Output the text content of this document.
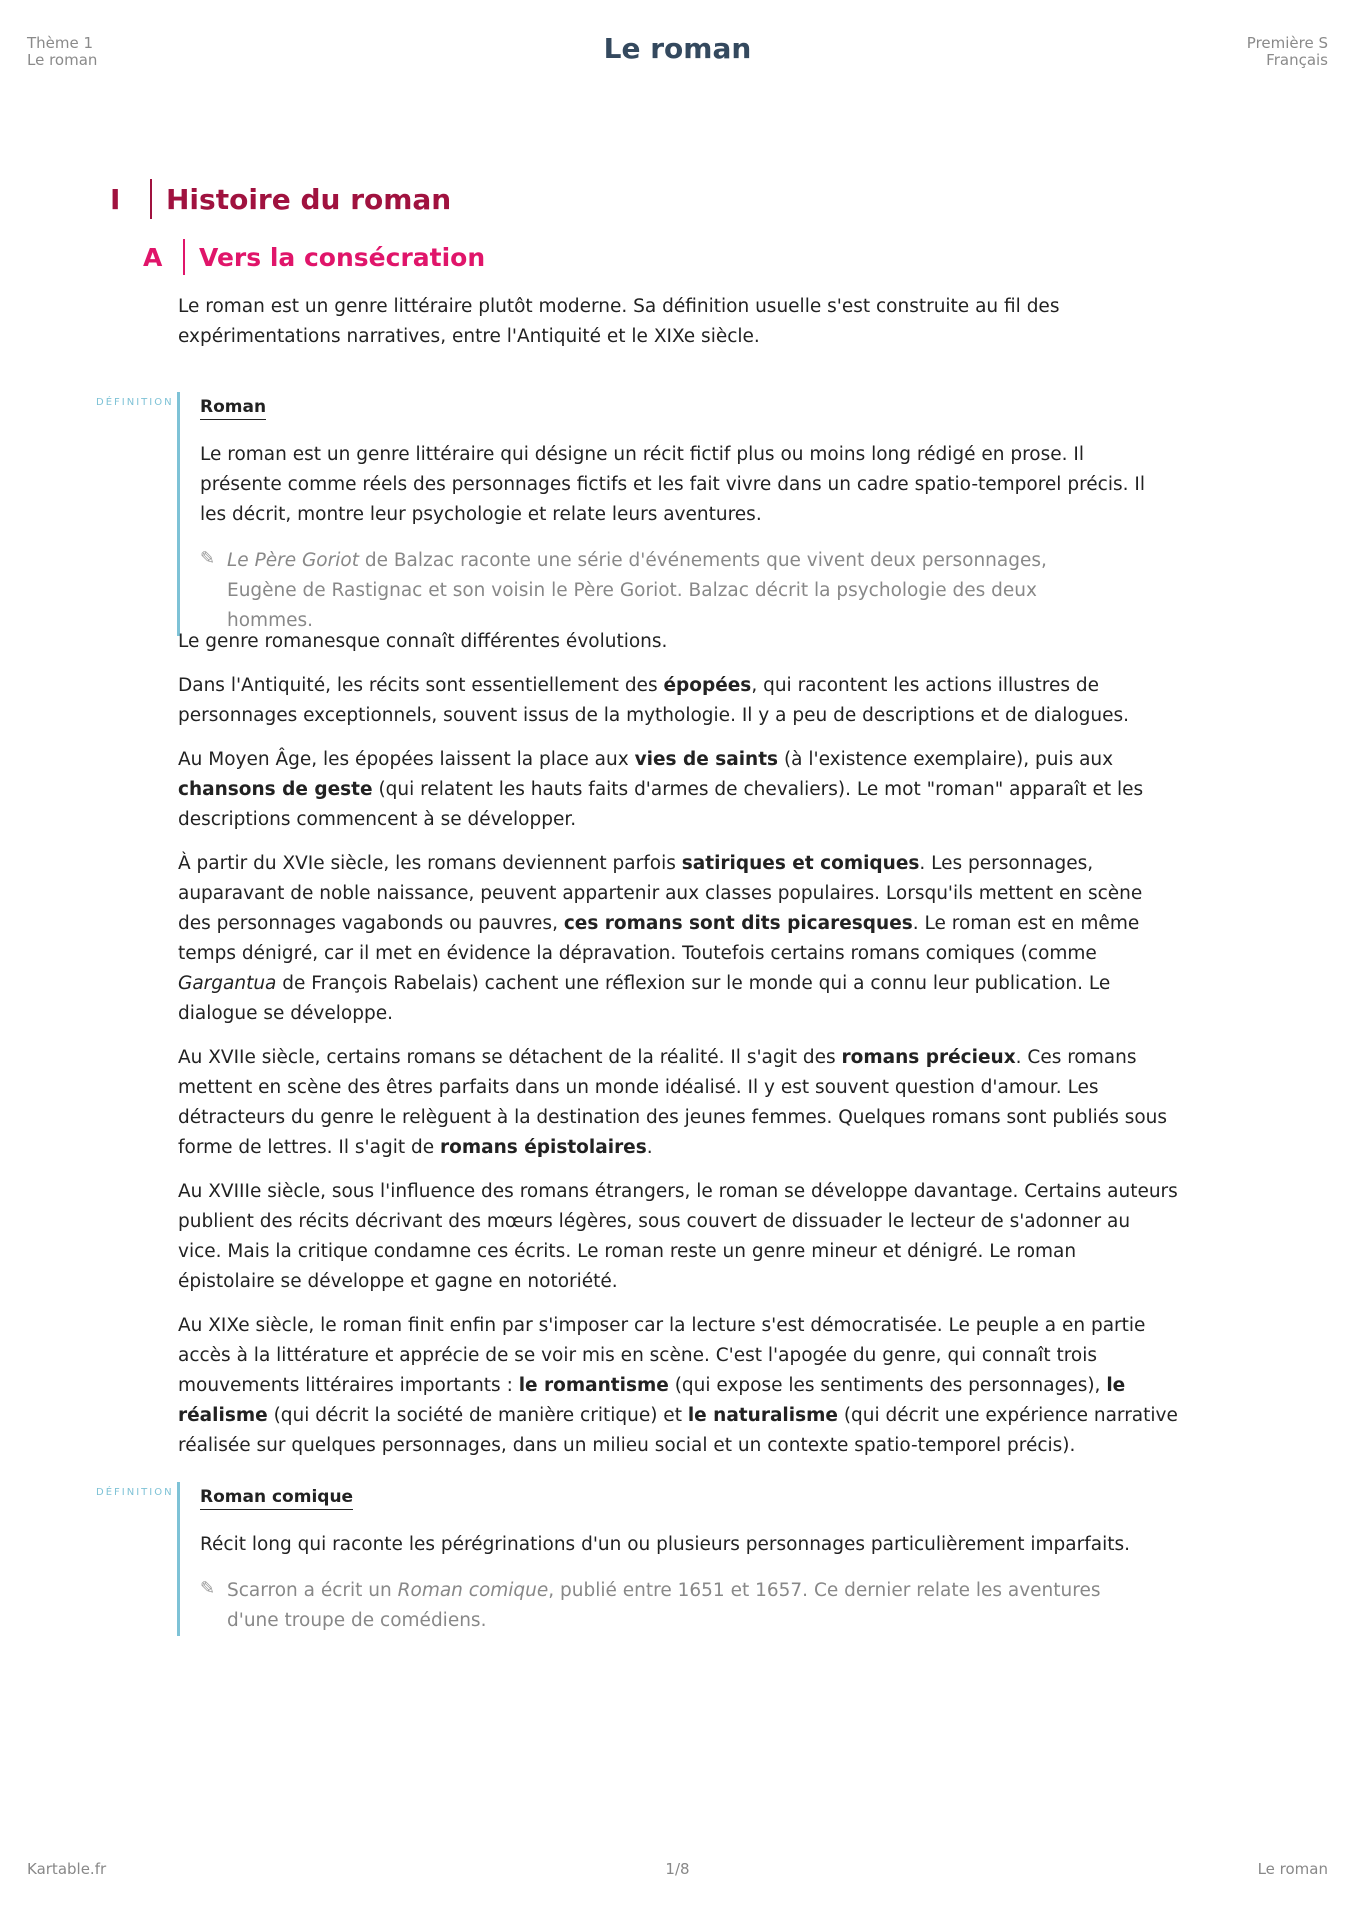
Thème 1
Le roman	Le roman	Première S
Français
I	Histoire du roman
A	Vers la consécration

Le roman est un genre littéraire plutôt moderne. Sa définition usuelle s'est construite au fil des expérimentations narratives, entre l'Antiquité et le XIXe siècle.

DÉFINITION	Roman

Le roman est un genre littéraire qui désigne un récit fictif plus ou moins long rédigé en prose. Il présente comme réels des personnages fictifs et les fait vivre dans un cadre spatio-temporel précis. Il les décrit, montre leur psychologie et relate leurs aventures.

✎ Le Père Goriot de Balzac raconte une série d'événements que vivent deux personnages, Eugène de Rastignac et son voisin le Père Goriot. Balzac décrit la psychologie des deux hommes.

Le genre romanesque connaît différentes évolutions.

Dans l'Antiquité, les récits sont essentiellement des épopées, qui racontent les actions illustres de personnages exceptionnels, souvent issus de la mythologie. Il y a peu de descriptions et de dialogues.

Au Moyen Âge, les épopées laissent la place aux vies de saints (à l'existence exemplaire), puis aux chansons de geste (qui relatent les hauts faits d'armes de chevaliers). Le mot "roman" apparaît et les descriptions commencent à se développer.

À partir du XVIe siècle, les romans deviennent parfois satiriques et comiques. Les personnages, auparavant de noble naissance, peuvent appartenir aux classes populaires. Lorsqu'ils mettent en scène des personnages vagabonds ou pauvres, ces romans sont dits picaresques. Le roman est en même temps dénigré, car il met en évidence la dépravation. Toutefois certains romans comiques (comme Gargantua de François Rabelais) cachent une réflexion sur le monde qui a connu leur publication. Le dialogue se développe.

Au XVIIe siècle, certains romans se détachent de la réalité. Il s'agit des romans précieux. Ces romans mettent en scène des êtres parfaits dans un monde idéalisé. Il y est souvent question d'amour. Les détracteurs du genre le relèguent à la destination des jeunes femmes. Quelques romans sont publiés sous forme de lettres. Il s'agit de romans épistolaires.

Au XVIIIe siècle, sous l'influence des romans étrangers, le roman se développe davantage. Certains auteurs publient des récits décrivant des mœurs légères, sous couvert de dissuader le lecteur de s'adonner au vice. Mais la critique condamne ces écrits. Le roman reste un genre mineur et dénigré. Le roman épistolaire se développe et gagne en notoriété.

Au XIXe siècle, le roman finit enfin par s'imposer car la lecture s'est démocratisée. Le peuple a en partie accès à la littérature et apprécie de se voir mis en scène. C'est l'apogée du genre, qui connaît trois mouvements littéraires importants : le romantisme (qui expose les sentiments des personnages), le réalisme (qui décrit la société de manière critique) et le naturalisme (qui décrit une expérience narrative réalisée sur quelques personnages, dans un milieu social et un contexte spatio-temporel précis).

DÉFINITION	Roman comique

Récit long qui raconte les pérégrinations d'un ou plusieurs personnages particulièrement imparfaits.

✎ Scarron a écrit un Roman comique, publié entre 1651 et 1657. Ce dernier relate les aventures d'une troupe de comédiens.
Kartable.fr	1/8	Le roman
